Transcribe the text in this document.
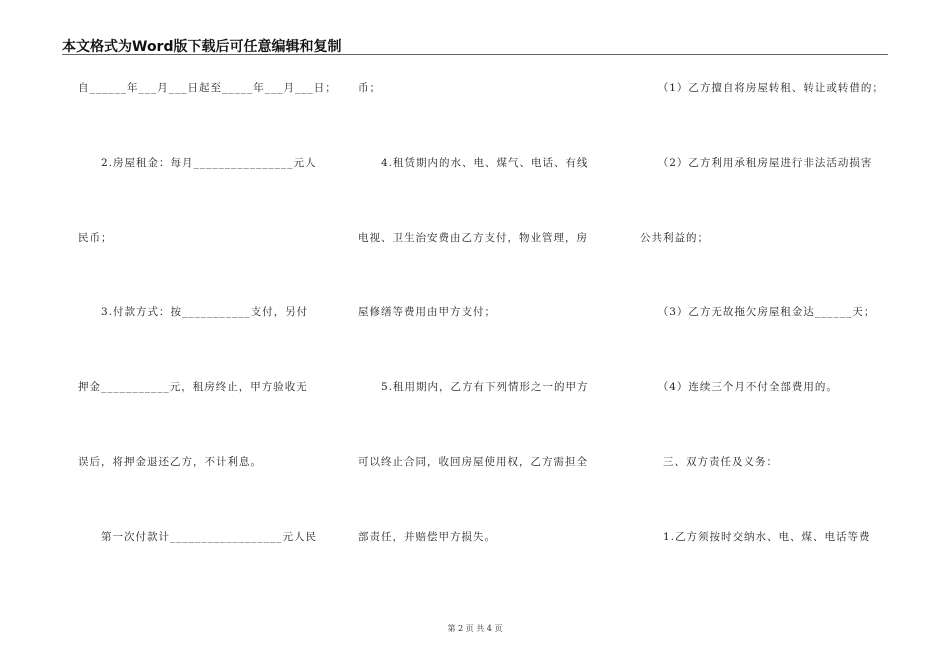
本文格式为Word版下载后可任意编辑和复制
自______年___月___日起至_____年___月___日；
　　2.房屋租金：每月________________元人
民币；
　　3.付款方式：按___________支付，另付
押金___________元，租房终止，甲方验收无
误后，将押金退还乙方，不计利息。
　　第一次付款计__________________元人民
币；
　　4.租赁期内的水、电、煤气、电话、有线
电视、卫生治安费由乙方支付，物业管理，房
屋修缮等费用由甲方支付；
　　5.租用期内，乙方有下列情形之一的甲方
可以终止合同，收回房屋使用权，乙方需担全
部责任，并赔偿甲方损失。
　　（1）乙方擅自将房屋转租、转让或转借的；
　　（2）乙方利用承租房屋进行非法活动损害
公共利益的；
　　（3）乙方无故拖欠房屋租金达______天；
　　（4）连续三个月不付全部费用的。
　　三、双方责任及义务：
　　1.乙方须按时交纳水、电、煤、电话等费
第 2 页 共 4 页
